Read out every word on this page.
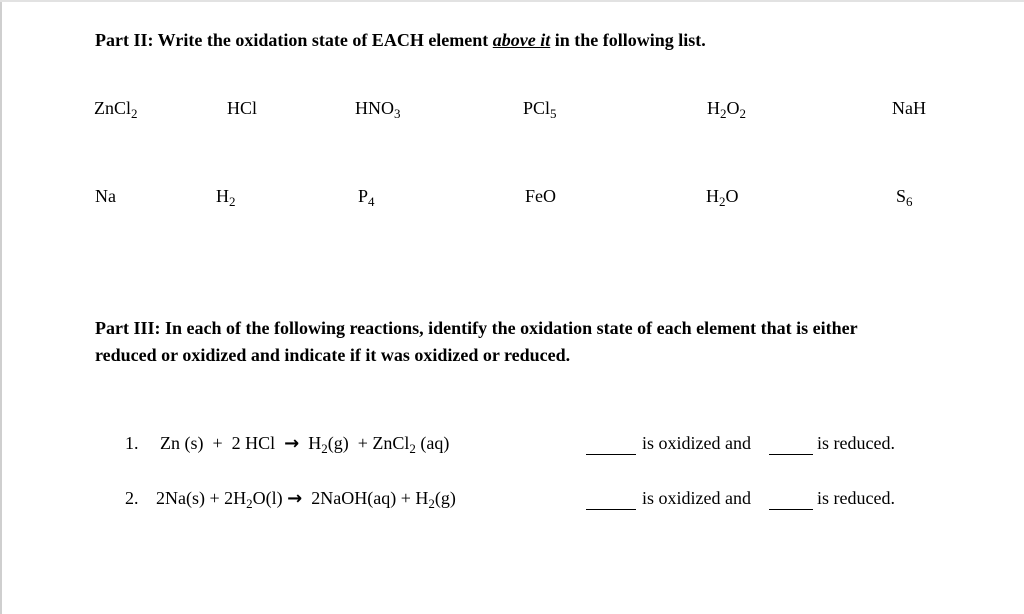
Part II: Write the oxidation state of EACH element above it in the following list.
ZnCl$_2$	HCl	$HNO_3$	PCl$_5$	$H_2O_2$	NaH
Na	$H_2$	$P_4$	FeO	$H_2O$	$S_6$
Part III: In each of the following reactions, identify the oxidation state of each element that is either
reduced or oxidized and indicate if it was oxidized or reduced.
1. Zn (s)  +  2 HCl  →  $H_2(g)$  + ZnCl$_2$ (aq)	is oxidized and	is reduced.
2. $2Na(s) + 2H_2O(l)$ →  2NaOH(aq) + $H_2(g)$	is oxidized and	is reduced.
